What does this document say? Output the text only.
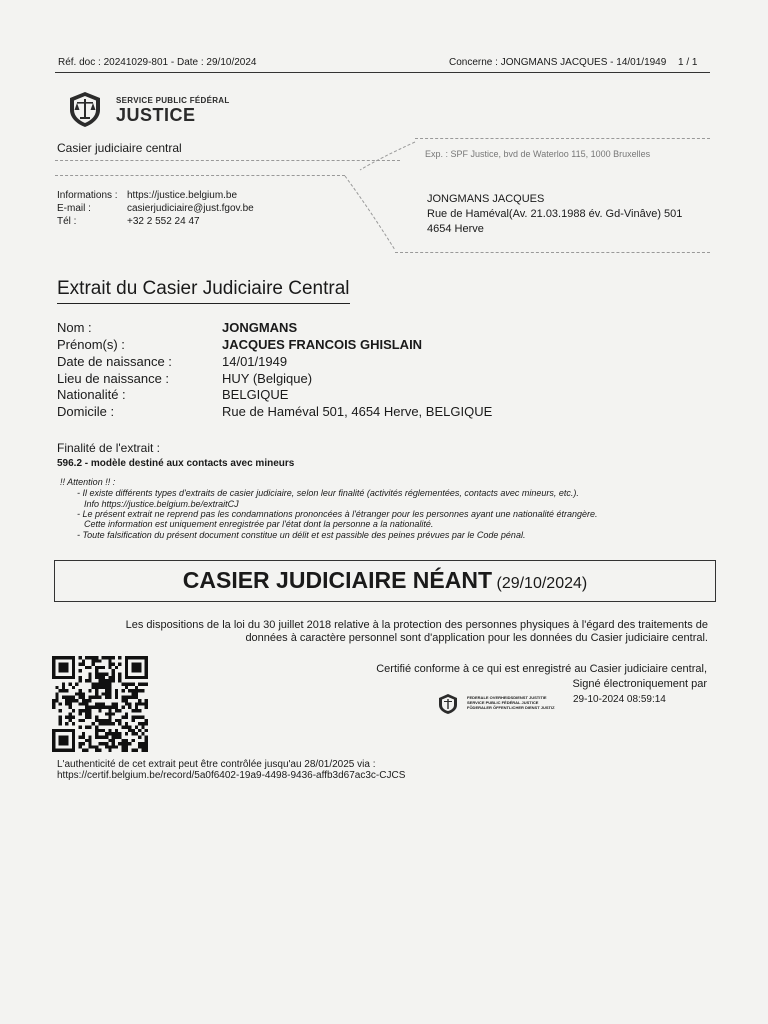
Réf. doc : 20241029-801 - Date : 29/10/2024	Concerne : JONGMANS JACQUES - 14/01/1949 1 / 1
SERVICE PUBLIC FÉDÉRAL
JUSTICE
Casier judiciaire central	Exp. : SPF Justice, bvd de Waterloo 115, 1000 Bruxelles
Informations : https://justice.belgium.be
E-mail :	casierjudiciaire@just.fgov.be
Tél :	+32 2 552 24 47
JONGMANS JACQUES
Rue de Haméval(Av. 21.03.1988 év. Gd-Vinâve) 501
4654 Herve
Extrait du Casier Judiciaire Central
Nom :	JONGMANS
Prénom(s) :	JACQUES FRANCOIS GHISLAIN
Date de naissance :	14/01/1949
Lieu de naissance :	HUY (Belgique)
Nationalité :	BELGIQUE
Domicile :	Rue de Haméval 501, 4654 Herve, BELGIQUE
Finalité de l'extrait :
596.2 - modèle destiné aux contacts avec mineurs
!! Attention !! :
- Il existe différents types d'extraits de casier judiciaire, selon leur finalité (activités réglementées, contacts avec mineurs, etc.).
Info https://justice.belgium.be/extraitCJ
- Le présent extrait ne reprend pas les condamnations prononcées à l'étranger pour les personnes ayant une nationalité étrangère.
Cette information est uniquement enregistrée par l'état dont la personne a la nationalité.
- Toute falsification du présent document constitue un délit et est passible des peines prévues par le Code pénal.
CASIER JUDICIAIRE NÉANT (29/10/2024)
Les dispositions de la loi du 30 juillet 2018 relative à la protection des personnes physiques à l'égard des traitements de
données à caractère personnel sont d'application pour les données du Casier judiciaire central.
Certifié conforme à ce qui est enregistré au Casier judiciaire central,
Signé électroniquement par
FEDERALE OVERHEIDSDIENST JUSTITIE
SERVICE PUBLIC FÉDÉRAL JUSTICE
FÖDERALER ÖFFENTLICHER DIENST JUSTIZ
29-10-2024 08:59:14
L'authenticité de cet extrait peut être contrôlée jusqu'au 28/01/2025 via :
https://certif.belgium.be/record/5a0f6402-19a9-4498-9436-affb3d67ac3c-CJCS
